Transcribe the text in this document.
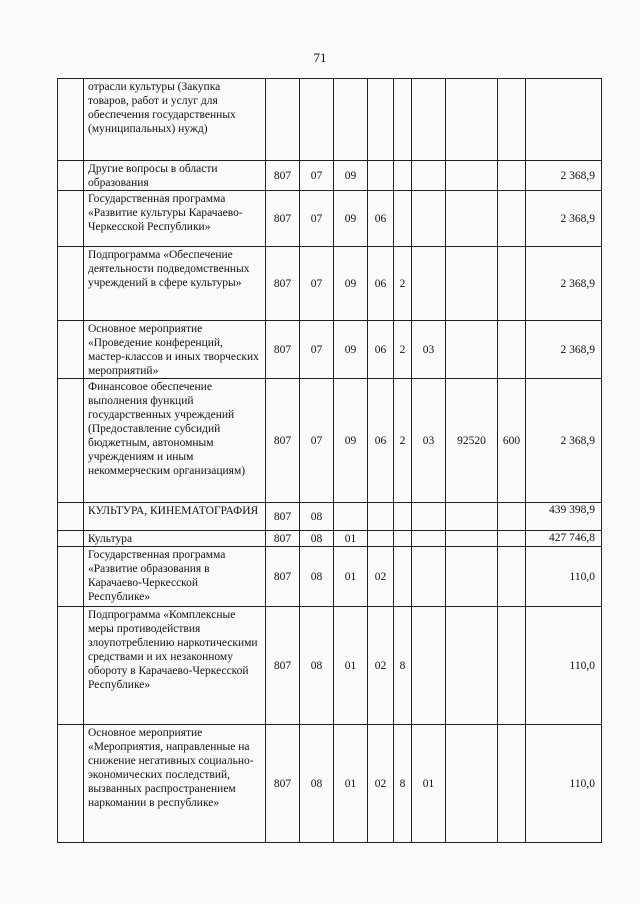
71
	отрасли культуры (Закупка товаров, работ и услуг для обеспечения государственных (муниципальных) нужд)									
	Другие вопросы в области образования	807	07	09						2 368,9
	Государственная программа «Развитие культуры Карачаево-Черкесской Республики»	807	07	09	06					2 368,9
	Подпрограмма «Обеспечение деятельности подведомственных учреждений в сфере культуры»	807	07	09	06	2				2 368,9
	Основное мероприятие «Проведение конференций, мастер-классов и иных творческих мероприятий»	807	07	09	06	2	03			2 368,9
	Финансовое обеспечение выполнения функций государственных учреждений (Предоставление субсидий бюджетным, автономным учреждениям и иным некоммерческим организациям)	807	07	09	06	2	03	92520	600	2 368,9
	КУЛЬТУРА, КИНЕМАТОГРАФИЯ	807	08							439 398,9
	Культура	807	08	01						427 746,8
	Государственная программа «Развитие образования в Карачаево-Черкесской Республике»	807	08	01	02					110,0
	Подпрограмма «Комплексные меры противодействия злоупотреблению наркотическими средствами и их незаконному обороту в Карачаево-Черкесской Республике»	807	08	01	02	8				110,0
	Основное мероприятие «Мероприятия, направленные на снижение негативных социально-экономических последствий, вызванных распространением наркомании в республике»	807	08	01	02	8	01			110,0
